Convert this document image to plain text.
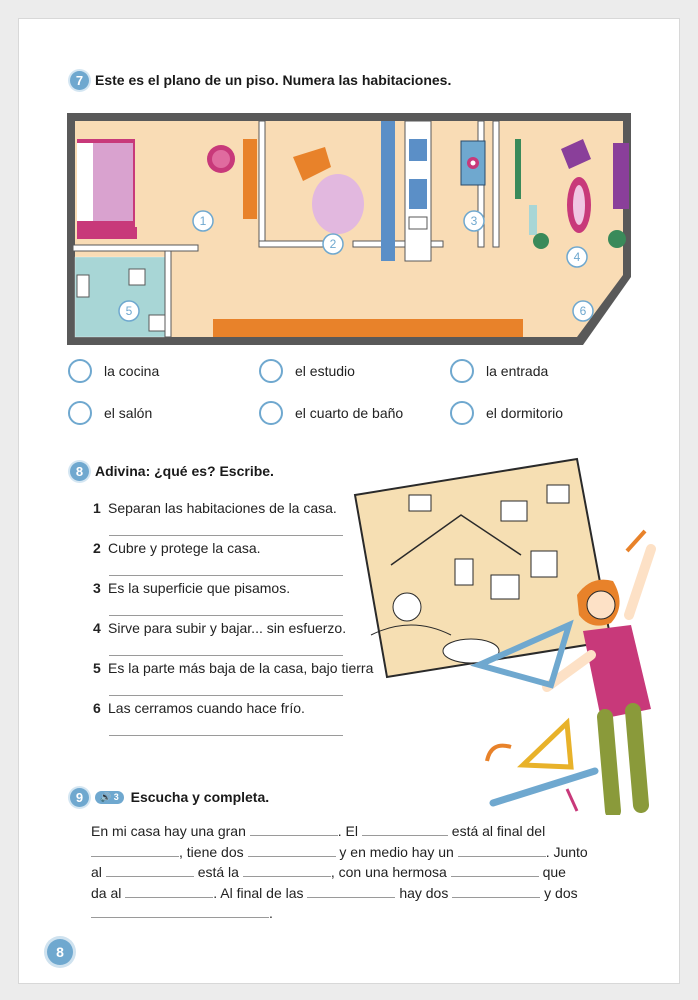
7 Este es el plano de un piso. Numera las habitaciones.
1
2
3
4
5	6
la cocina	el estudio	la entrada
el salón	el cuarto de baño	el dormitorio
8 Adivina: ¿qué es? Escribe.
1 Separan las habitaciones de la casa.
2 Cubre y protege la casa.
3 Es la superficie que pisamos.
4 Sirve para subir y bajar... sin esfuerzo.
5 Es la parte más baja de la casa, bajo tierra
6 Las cerramos cuando hace frío.
9	🔊 3 Escucha y completa.
En mi casa hay una gran	. El	está al final del
, tiene dos	y en medio hay un	. Junto
al	está la	, con una hermosa	que
da al	. Al final de las	hay dos	y dos
.
8
